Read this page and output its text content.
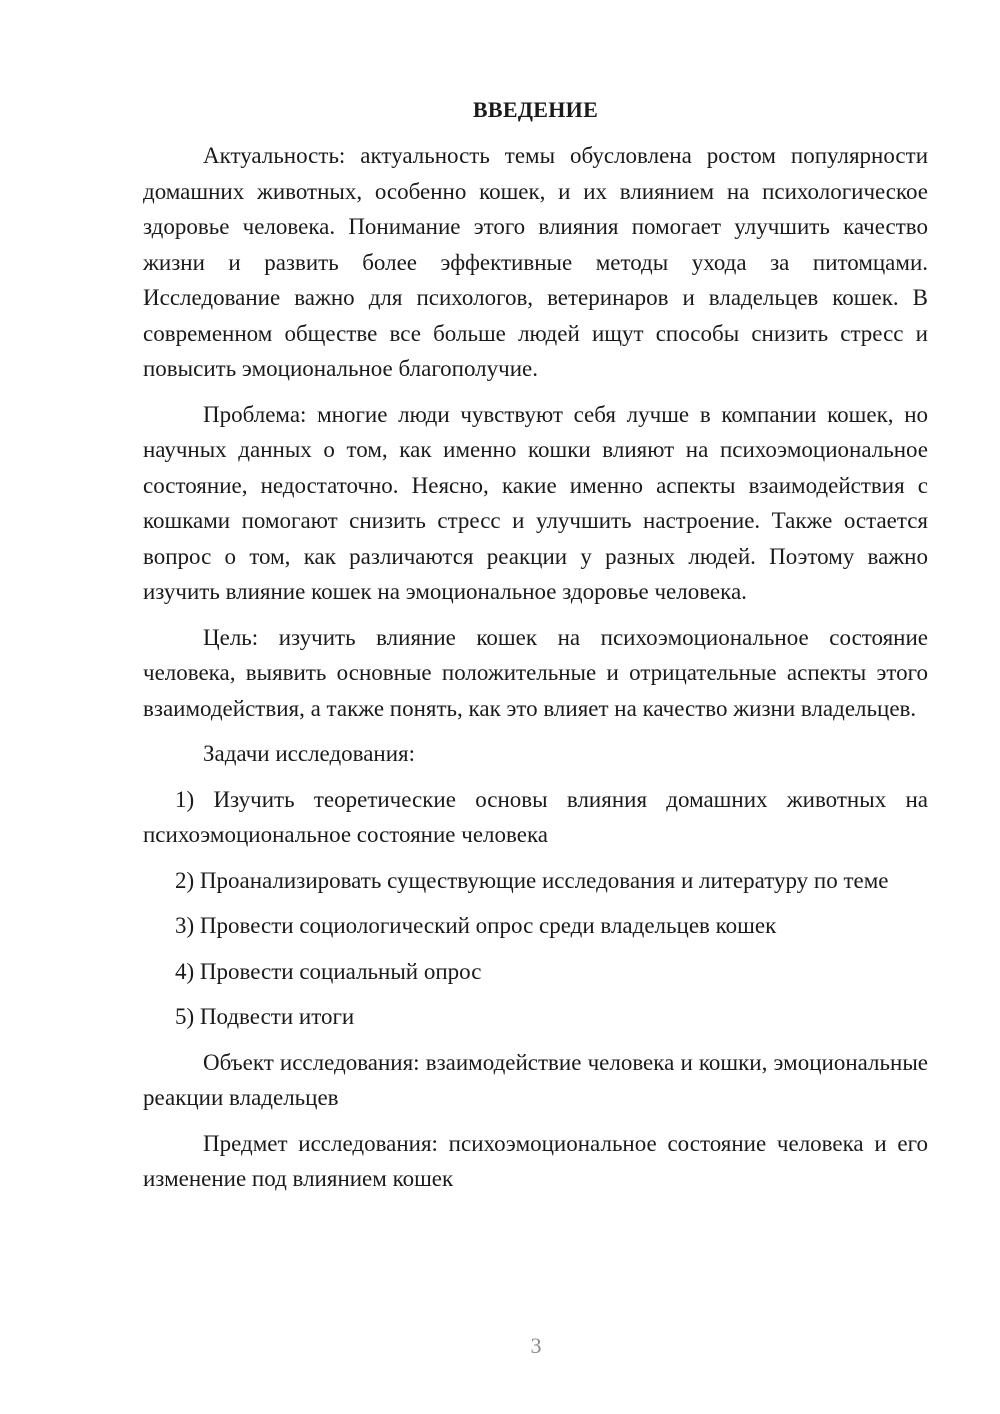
ВВЕДЕНИЕ

Актуальность: актуальность темы обусловлена ростом популярности домашних животных, особенно кошек, и их влиянием на психологическое здоровье человека. Понимание этого влияния помогает улучшить качество жизни и развить более эффективные методы ухода за питомцами. Исследование важно для психологов, ветеринаров и владельцев кошек. В современном обществе все больше людей ищут способы снизить стресс и повысить эмоциональное благополучие.

Проблема: многие люди чувствуют себя лучше в компании кошек, но научных данных о том, как именно кошки влияют на психоэмоциональное состояние, недостаточно. Неясно, какие именно аспекты взаимодействия с кошками помогают снизить стресс и улучшить настроение. Также остается вопрос о том, как различаются реакции у разных людей. Поэтому важно изучить влияние кошек на эмоциональное здоровье человека.

Цель: изучить влияние кошек на психоэмоциональное состояние человека, выявить основные положительные и отрицательные аспекты этого взаимодействия, а также понять, как это влияет на качество жизни владельцев.

Задачи исследования:

1) Изучить теоретические основы влияния домашних животных на психоэмоциональное состояние человека

2) Проанализировать существующие исследования и литературу по теме

3) Провести социологический опрос среди владельцев кошек

4) Провести социальный опрос

5) Подвести итоги

Объект исследования: взаимодействие человека и кошки, эмоциональные реакции владельцев

Предмет исследования: психоэмоциональное состояние человека и его изменение под влиянием кошек

3
